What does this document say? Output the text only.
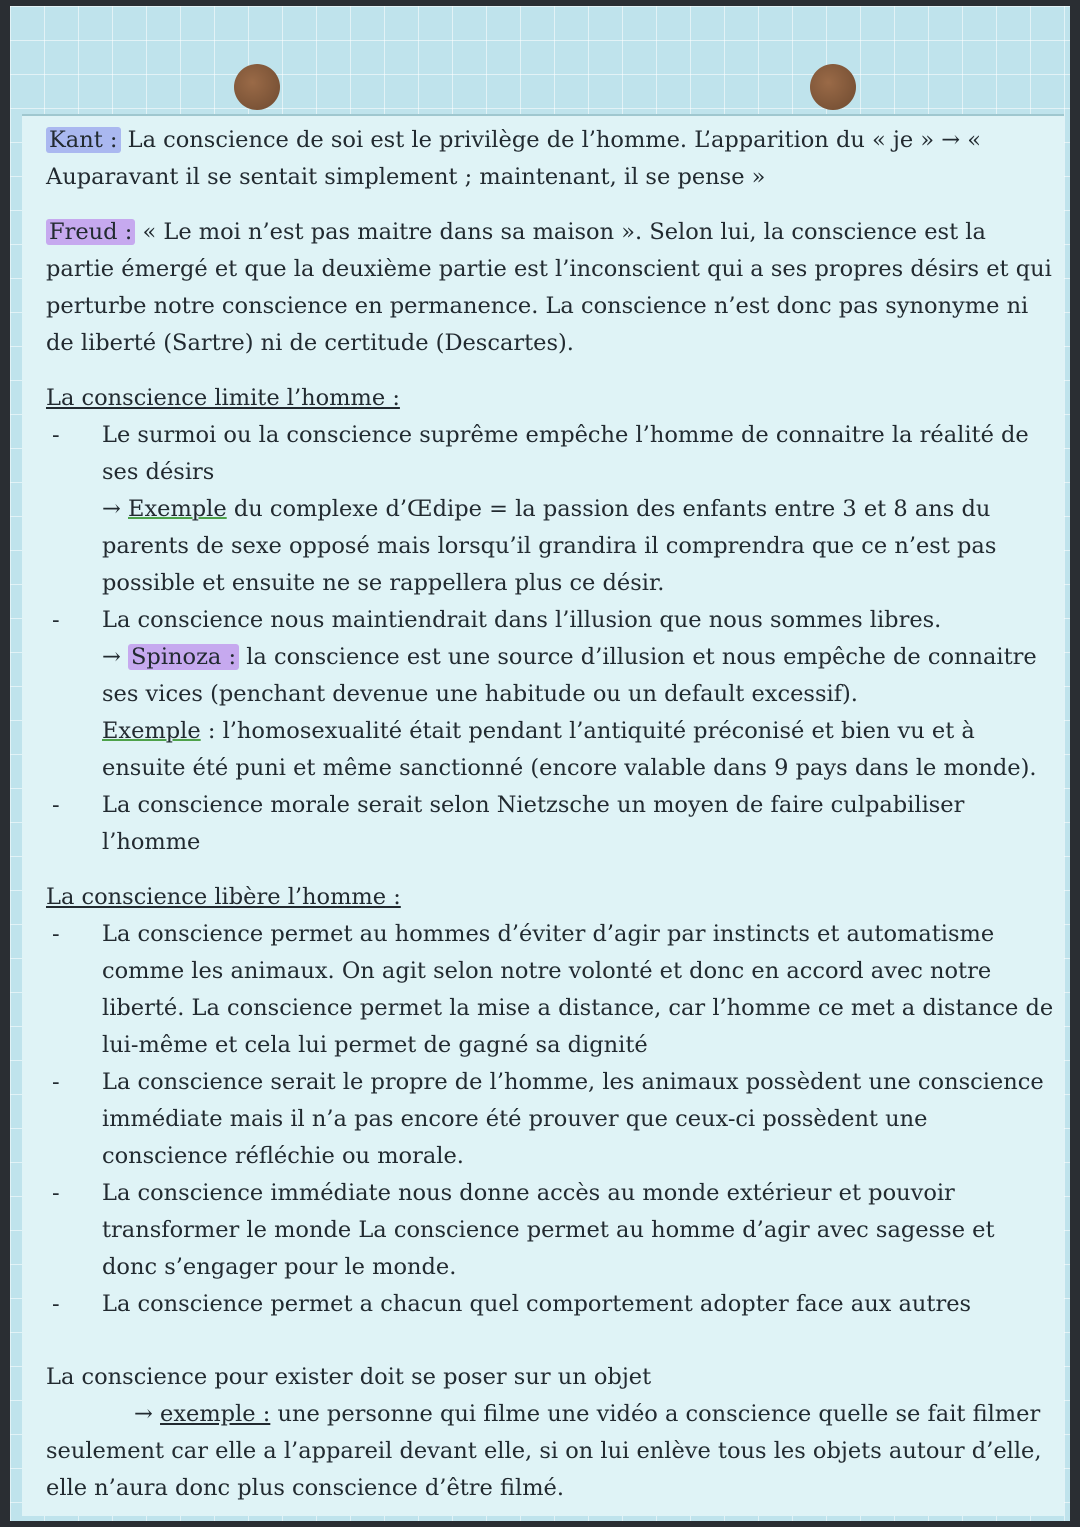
Kant : La conscience de soi est le privilège de l’homme. L’apparition du « je » → « Auparavant il se sentait simplement ; maintenant, il se pense »

Freud : « Le moi n’est pas maitre dans sa maison ». Selon lui, la conscience est la partie émergé et que la deuxième partie est l’inconscient qui a ses propres désirs et qui perturbe notre conscience en permanence. La conscience n’est donc pas synonyme ni de liberté (Sartre) ni de certitude (Descartes).

La conscience limite l’homme :

- Le surmoi ou la conscience suprême empêche l’homme de connaitre la réalité de ses désirs
→ Exemple du complexe d’Œdipe = la passion des enfants entre 3 et 8 ans du parents de sexe opposé mais lorsqu’il grandira il comprendra que ce n’est pas possible et ensuite ne se rappellera plus ce désir.
- La conscience nous maintiendrait dans l’illusion que nous sommes libres.
→ Spinoza : la conscience est une source d’illusion et nous empêche de connaitre ses vices (penchant devenue une habitude ou un default excessif).
Exemple : l’homosexualité était pendant l’antiquité préconisé et bien vu et à ensuite été puni et même sanctionné (encore valable dans 9 pays dans le monde).
- La conscience morale serait selon Nietzsche un moyen de faire culpabiliser l’homme

La conscience libère l’homme :

- La conscience permet au hommes d’éviter d’agir par instincts et automatisme comme les animaux. On agit selon notre volonté et donc en accord avec notre liberté. La conscience permet la mise a distance, car l’homme ce met a distance de lui-même et cela lui permet de gagné sa dignité
- La conscience serait le propre de l’homme, les animaux possèdent une conscience immédiate mais il n’a pas encore été prouver que ceux-ci possèdent une conscience réfléchie ou morale.
- La conscience immédiate nous donne accès au monde extérieur et pouvoir transformer le monde La conscience permet au homme d’agir avec sagesse et donc s’engager pour le monde.
- La conscience permet a chacun quel comportement adopter face aux autres

La conscience pour exister doit se poser sur un objet

→ exemple : une personne qui filme une vidéo a conscience quelle se fait filmer seulement car elle a l’appareil devant elle, si on lui enlève tous les objets autour d’elle, elle n’aura donc plus conscience d’être filmé.
